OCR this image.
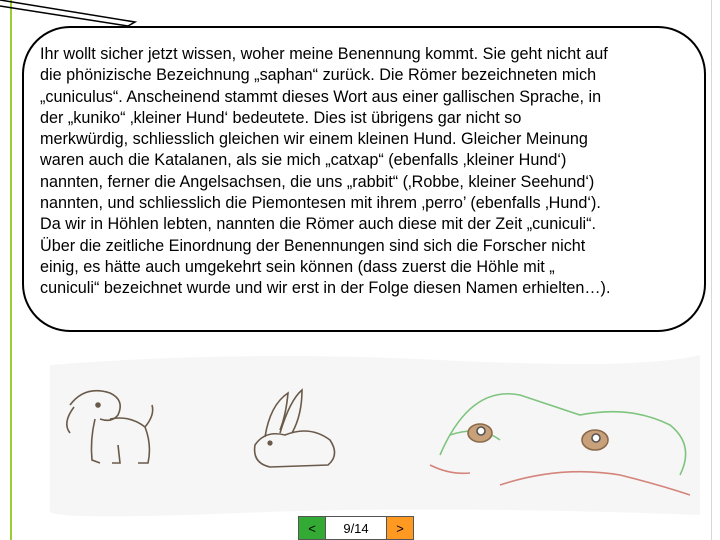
Ihr wollt sicher jetzt wissen, woher meine Benennung kommt. Sie geht nicht auf
die phönizische Bezeichnung „saphan“ zurück. Die Römer bezeichneten mich
„cuniculus“. Anscheinend stammt dieses Wort aus einer gallischen Sprache, in
der „kuniko“ ‚kleiner Hund‘ bedeutete. Dies ist übrigens gar nicht so
merkwürdig, schliesslich gleichen wir einem kleinen Hund. Gleicher Meinung
waren auch die Katalanen, als sie mich „catxap“ (ebenfalls ‚kleiner Hund‘)
nannten, ferner die Angelsachsen, die uns „rabbit“ (‚Robbe, kleiner Seehund‘)
nannten, und schliesslich die Piemontesen mit ihrem ‚perro’ (ebenfalls ‚Hund‘).
Da wir in Höhlen lebten, nannten die Römer auch diese mit der Zeit „cuniculi“.
Über die zeitliche Einordnung der Benennungen sind sich die Forscher nicht
einig, es hätte auch umgekehrt sein können (dass zuerst die Höhle mit „
cuniculi“ bezeichnet wurde und wir erst in der Folge diesen Namen erhielten…).

<	9/14	>
